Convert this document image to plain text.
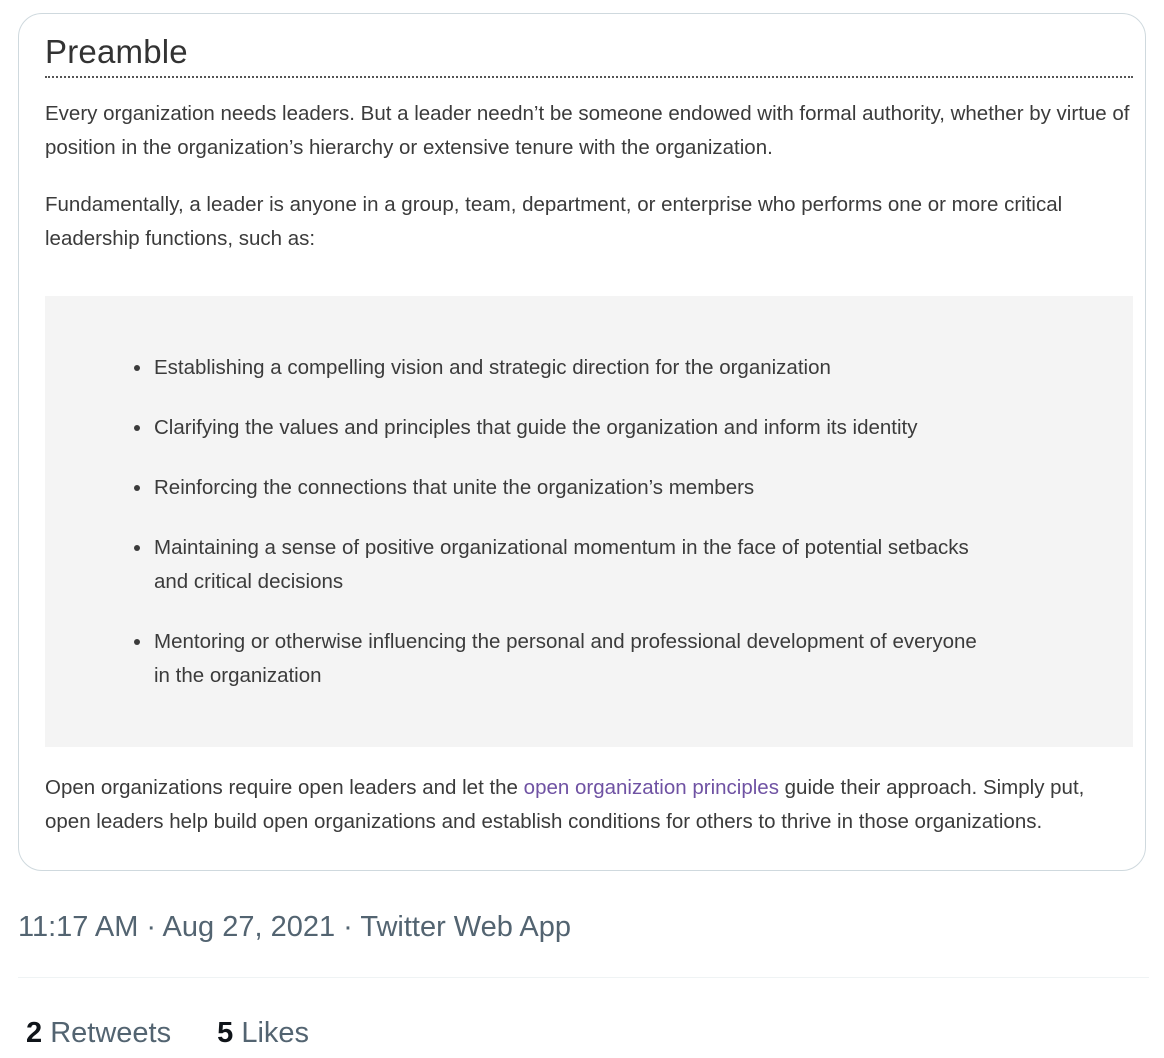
Preamble

Every organization needs leaders. But a leader needn’t be someone endowed with formal authority, whether by virtue of position in the organization’s hierarchy or extensive tenure with the organization.

Fundamentally, a leader is anyone in a group, team, department, or enterprise who performs one or more critical leadership functions, such as:

Establishing a compelling vision and strategic direction for the organization
Clarifying the values and principles that guide the organization and inform its identity
Reinforcing the connections that unite the organization’s members
Maintaining a sense of positive organizational momentum in the face of potential setbacks and critical decisions
Mentoring or otherwise influencing the personal and professional development of everyone in the organization

Open organizations require open leaders and let the open organization principles guide their approach. Simply put, open leaders help build open organizations and establish conditions for others to thrive in those organizations.

11:17 AM · Aug 27, 2021 · Twitter Web App
2 Retweets 5 Likes
